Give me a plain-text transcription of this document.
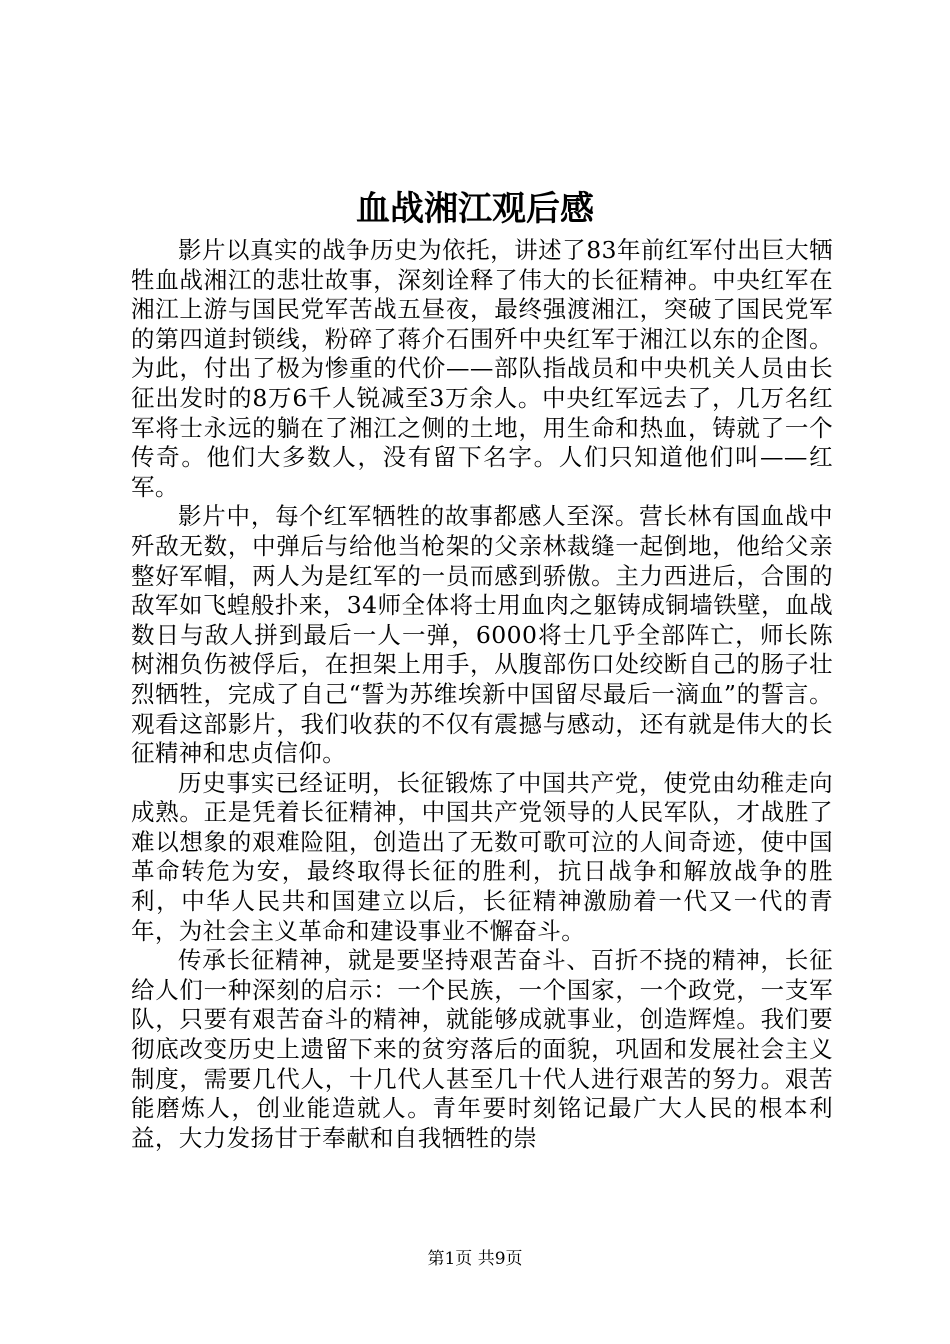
血战湘江观后感

影片以真实的战争历史为依托，讲述了83年前红军付出巨大牺牲血战湘江的悲壮故事，深刻诠释了伟大的长征精神。中央红军在湘江上游与国民党军苦战五昼夜，最终强渡湘江，突破了国民党军的第四道封锁线，粉碎了蒋介石围歼中央红军于湘江以东的企图。为此，付出了极为惨重的代价——部队指战员和中央机关人员由长征出发时的8万6千人锐减至3万余人。中央红军远去了，几万名红军将士永远的躺在了湘江之侧的土地，用生命和热血，铸就了一个传奇。他们大多数人，没有留下名字。人们只知道他们叫——红军。

影片中，每个红军牺牲的故事都感人至深。营长林有国血战中歼敌无数，中弹后与给他当枪架的父亲林裁缝一起倒地，他给父亲整好军帽，两人为是红军的一员而感到骄傲。主力西进后，合围的敌军如飞蝗般扑来，34师全体将士用血肉之躯铸成铜墙铁壁，血战数日与敌人拼到最后一人一弹，6000将士几乎全部阵亡，师长陈树湘负伤被俘后，在担架上用手，从腹部伤口处绞断自己的肠子壮烈牺牲，完成了自己“誓为苏维埃新中国留尽最后一滴血”的誓言。观看这部影片，我们收获的不仅有震撼与感动，还有就是伟大的长征精神和忠贞信仰。

历史事实已经证明，长征锻炼了中国共产党，使党由幼稚走向成熟。正是凭着长征精神，中国共产党领导的人民军队，才战胜了难以想象的艰难险阻，创造出了无数可歌可泣的人间奇迹，使中国革命转危为安，最终取得长征的胜利，抗日战争和解放战争的胜利，中华人民共和国建立以后，长征精神激励着一代又一代的青年，为社会主义革命和建设事业不懈奋斗。

传承长征精神，就是要坚持艰苦奋斗、百折不挠的精神，长征给人们一种深刻的启示：一个民族，一个国家，一个政党，一支军队，只要有艰苦奋斗的精神，就能够成就事业，创造辉煌。我们要彻底改变历史上遗留下来的贫穷落后的面貌，巩固和发展社会主义制度，需要几代人，十几代人甚至几十代人进行艰苦的努力。艰苦能磨炼人，创业能造就人。青年要时刻铭记最广大人民的根本利益，大力发扬甘于奉献和自我牺牲的崇

第1页 共9页
